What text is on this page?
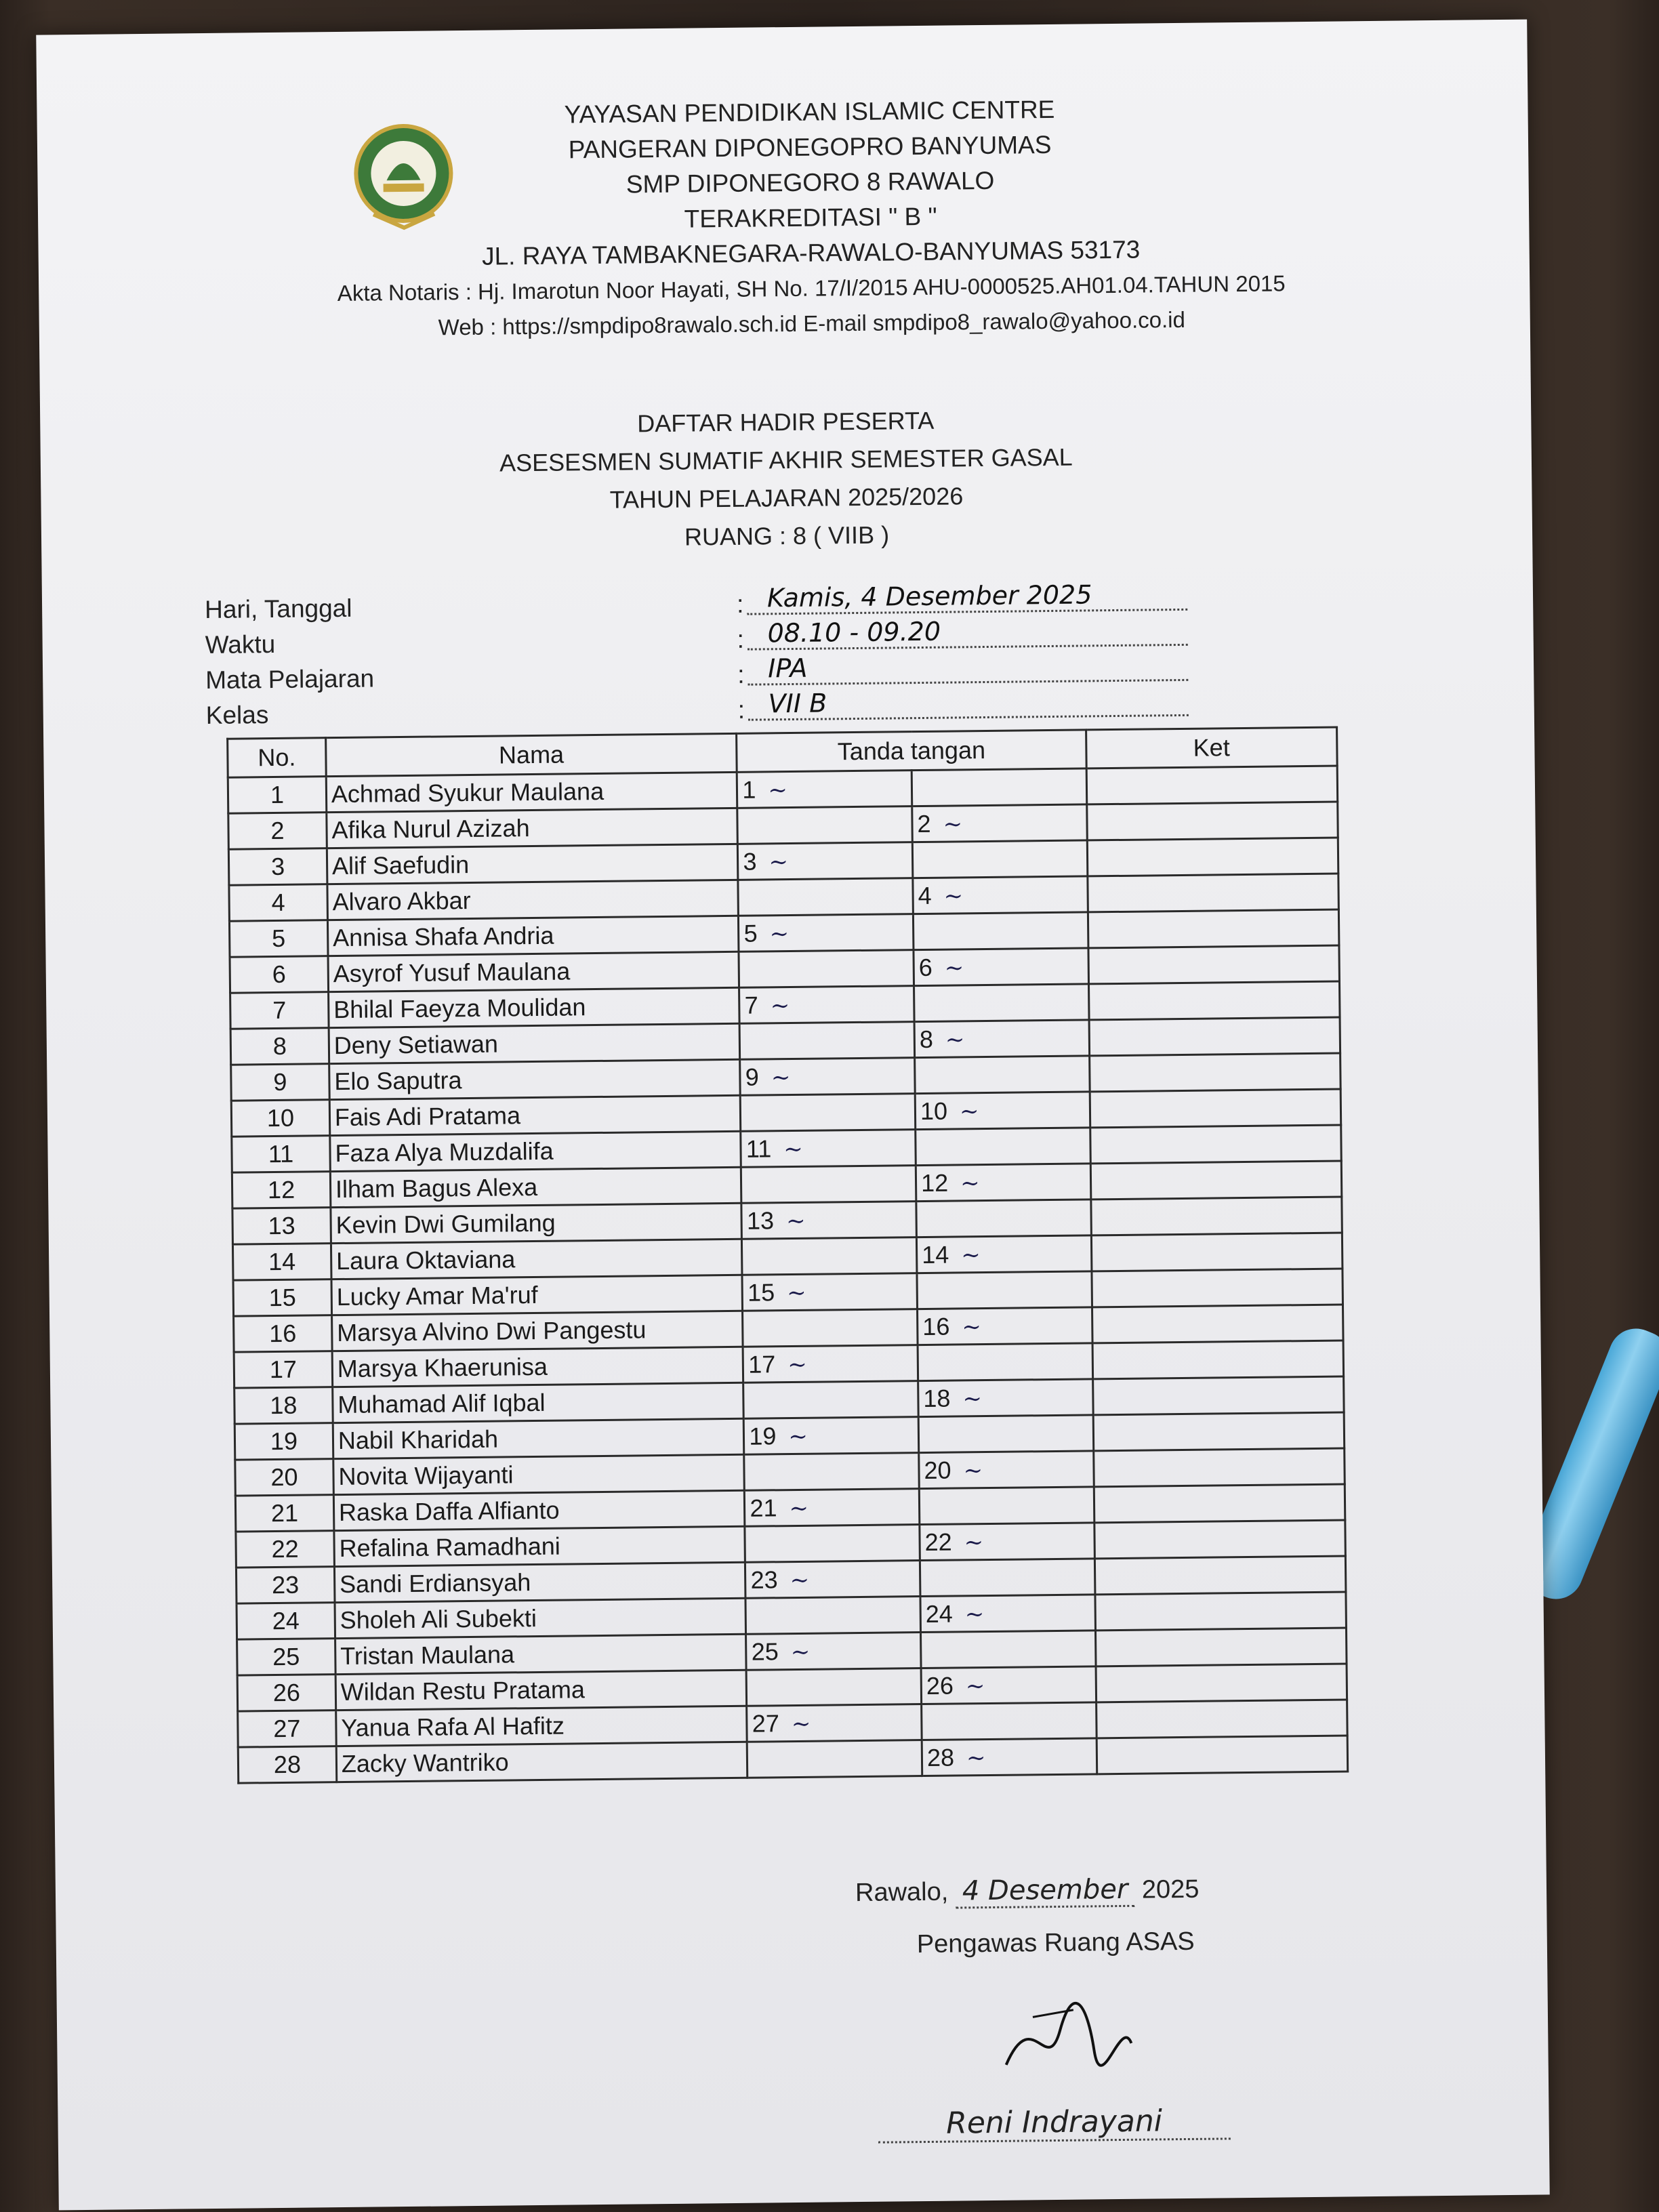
YAYASAN PENDIDIKAN ISLAMIC CENTRE
PANGERAN DIPONEGOPRO BANYUMAS
SMP DIPONEGORO 8 RAWALO
TERAKREDITASI " B "
JL. RAYA TAMBAKNEGARA-RAWALO-BANYUMAS 53173
Akta Notaris : Hj. Imarotun Noor Hayati, SH No. 17/I/2015 AHU-0000525.AH01.04.TAHUN 2015
Web : https://smpdipo8rawalo.sch.id E-mail smpdipo8_rawalo@yahoo.co.id
DAFTAR HADIR PESERTA
ASESESMEN SUMATIF AKHIR SEMESTER GASAL
TAHUN PELAJARAN 2025/2026
RUANG : 8 ( VIIB )
Hari, Tanggal	: Kamis, 4 Desember 2025
Waktu	: 08.10 - 09.20
Mata Pelajaran	: IPA
Kelas	: VII B
No.	Nama	Tanda tangan		Ket
1	Achmad Syukur Maulana	1 ~		
2	Afika Nurul Azizah		2 ~	
3	Alif Saefudin	3 ~		
4	Alvaro Akbar		4 ~	
5	Annisa Shafa Andria	5 ~		
6	Asyrof Yusuf Maulana		6 ~	
7	Bhilal Faeyza Moulidan	7 ~		
8	Deny Setiawan		8 ~	
9	Elo Saputra	9 ~		
10	Fais Adi Pratama		10 ~	
11	Faza Alya Muzdalifa	11 ~		
12	Ilham Bagus Alexa		12 ~	
13	Kevin Dwi Gumilang	13 ~		
14	Laura Oktaviana		14 ~	
15	Lucky Amar Ma'ruf	15 ~		
16	Marsya Alvino Dwi Pangestu		16 ~	
17	Marsya Khaerunisa	17 ~		
18	Muhamad Alif Iqbal		18 ~	
19	Nabil Kharidah	19 ~		
20	Novita Wijayanti		20 ~	
21	Raska Daffa Alfianto	21 ~		
22	Refalina Ramadhani		22 ~	
23	Sandi Erdiansyah	23 ~		
24	Sholeh Ali Subekti		24 ~	
25	Tristan Maulana	25 ~		
26	Wildan Restu Pratama		26 ~	
27	Yanua Rafa Al Hafitz	27 ~		
28	Zacky Wantriko		28 ~	
Rawalo, 4 Desember 2025
Pengawas Ruang ASAS
Reni Indrayani
